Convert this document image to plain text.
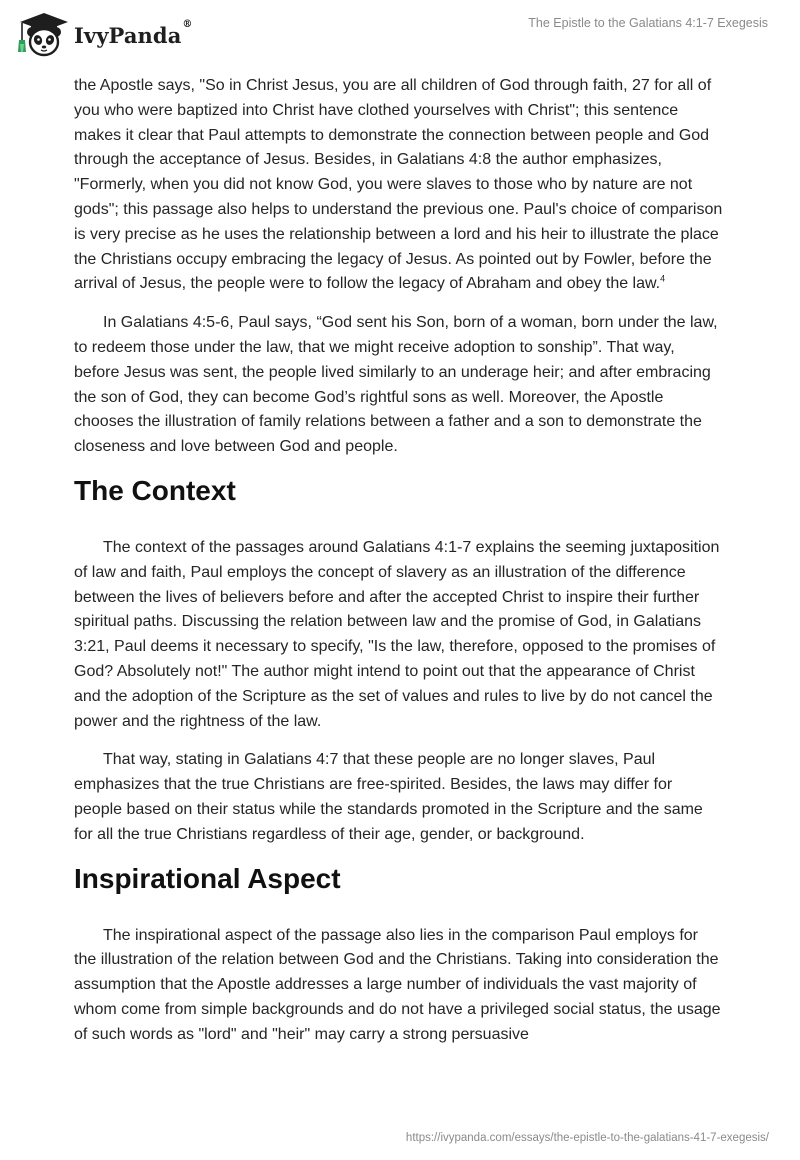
IvyPanda®	The Epistle to the Galatians 4:1-7 Exegesis

the Apostle says, "So in Christ Jesus, you are all children of God through faith, 27 for all of you who were baptized into Christ have clothed yourselves with Christ"; this sentence makes it clear that Paul attempts to demonstrate the connection between people and God through the acceptance of Jesus. Besides, in Galatians 4:8 the author emphasizes, "Formerly, when you did not know God, you were slaves to those who by nature are not gods"; this passage also helps to understand the previous one. Paul's choice of comparison is very precise as he uses the relationship between a lord and his heir to illustrate the place the Christians occupy embracing the legacy of Jesus. As pointed out by Fowler, before the arrival of Jesus, the people were to follow the legacy of Abraham and obey the law.$^4$

In Galatians 4:5-6, Paul says, “God sent his Son, born of a woman, born under the law, to redeem those under the law, that we might receive adoption to sonship”. That way, before Jesus was sent, the people lived similarly to an underage heir; and after embracing the son of God, they can become God’s rightful sons as well. Moreover, the Apostle chooses the illustration of family relations between a father and a son to demonstrate the closeness and love between God and people.

The Context

The context of the passages around Galatians 4:1-7 explains the seeming juxtaposition of law and faith, Paul employs the concept of slavery as an illustration of the difference between the lives of believers before and after the accepted Christ to inspire their further spiritual paths. Discussing the relation between law and the promise of God, in Galatians 3:21, Paul deems it necessary to specify, "Is the law, therefore, opposed to the promises of God? Absolutely not!" The author might intend to point out that the appearance of Christ and the adoption of the Scripture as the set of values and rules to live by do not cancel the power and the rightness of the law.

That way, stating in Galatians 4:7 that these people are no longer slaves, Paul emphasizes that the true Christians are free-spirited. Besides, the laws may differ for people based on their status while the standards promoted in the Scripture and the same for all the true Christians regardless of their age, gender, or background.

Inspirational Aspect

The inspirational aspect of the passage also lies in the comparison Paul employs for the illustration of the relation between God and the Christians. Taking into consideration the assumption that the Apostle addresses a large number of individuals the vast majority of whom come from simple backgrounds and do not have a privileged social status, the usage of such words as "lord" and "heir" may carry a strong persuasive

https://ivypanda.com/essays/the-epistle-to-the-galatians-41-7-exegesis/
